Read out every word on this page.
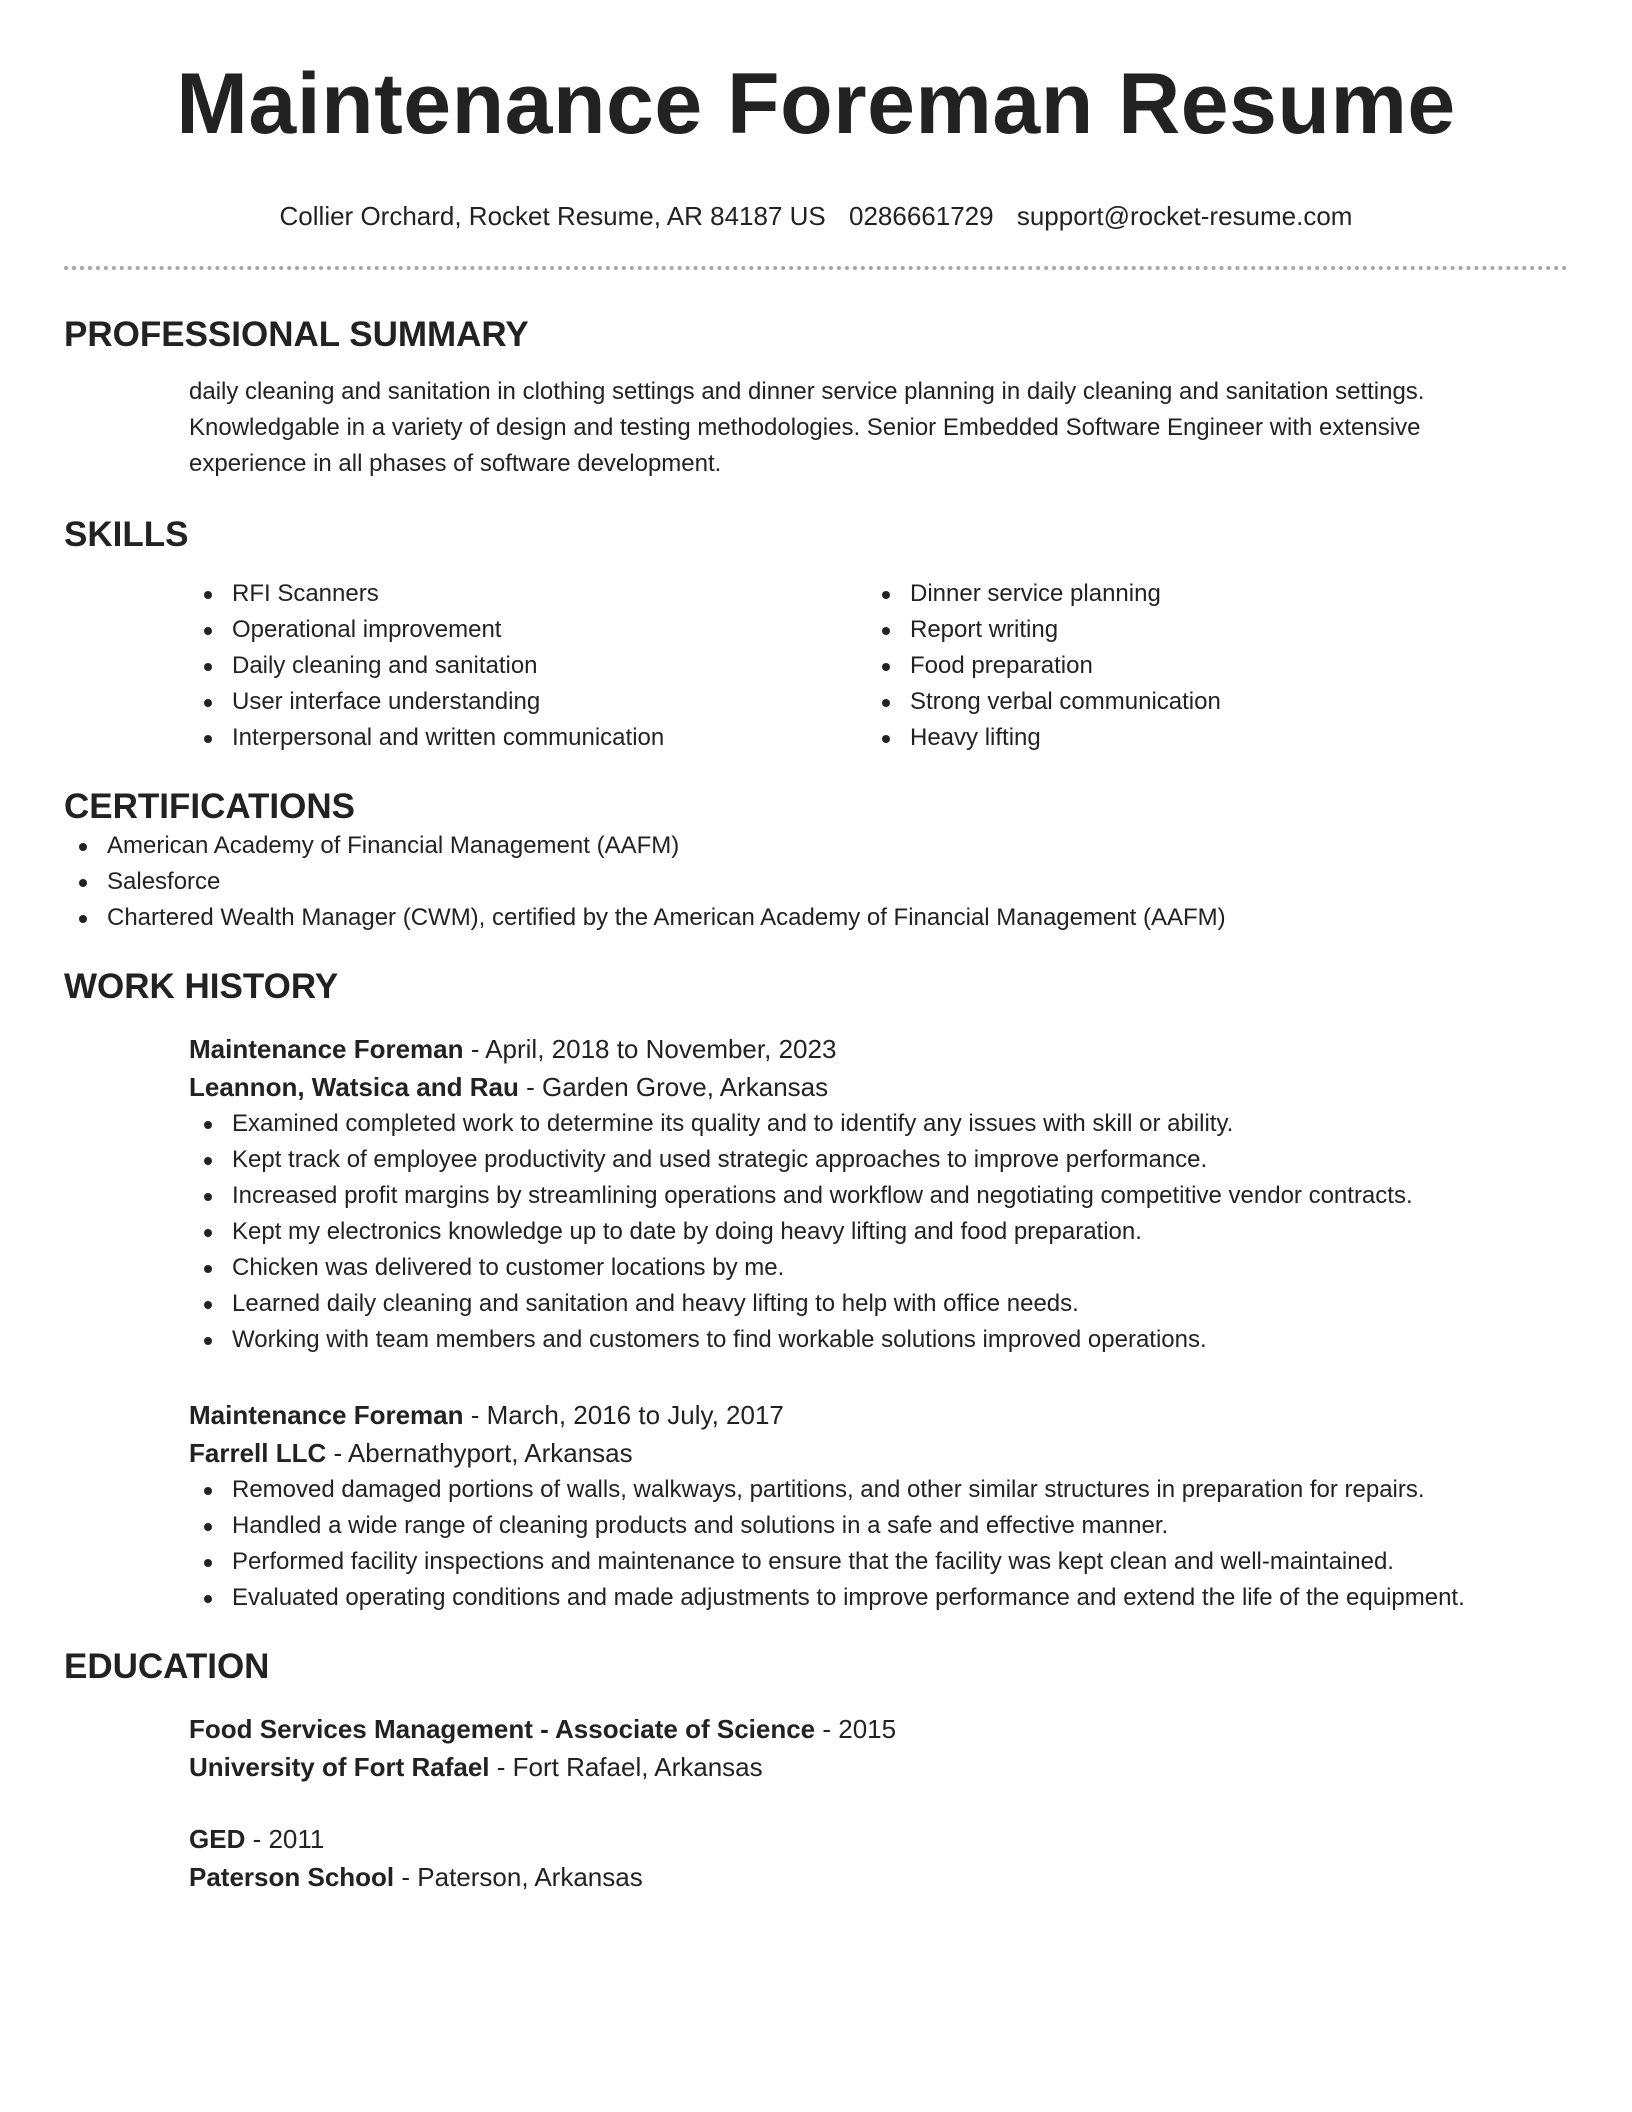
Maintenance Foreman Resume
Collier Orchard, Rocket Resume, AR 84187 US 0286661729 support@rocket-resume.com
PROFESSIONAL SUMMARY
daily cleaning and sanitation in clothing settings and dinner service planning in daily cleaning and sanitation settings. Knowledgable in a variety of design and testing methodologies. Senior Embedded Software Engineer with extensive experience in all phases of software development.
SKILLS
RFI Scanners
Operational improvement
Daily cleaning and sanitation
User interface understanding
Interpersonal and written communication
Dinner service planning
Report writing
Food preparation
Strong verbal communication
Heavy lifting
CERTIFICATIONS
American Academy of Financial Management (AAFM)
Salesforce
Chartered Wealth Manager (CWM), certified by the American Academy of Financial Management (AAFM)
WORK HISTORY
Maintenance Foreman - April, 2018 to November, 2023
Leannon, Watsica and Rau - Garden Grove, Arkansas
Examined completed work to determine its quality and to identify any issues with skill or ability.
Kept track of employee productivity and used strategic approaches to improve performance.
Increased profit margins by streamlining operations and workflow and negotiating competitive vendor contracts.
Kept my electronics knowledge up to date by doing heavy lifting and food preparation.
Chicken was delivered to customer locations by me.
Learned daily cleaning and sanitation and heavy lifting to help with office needs.
Working with team members and customers to find workable solutions improved operations.
Maintenance Foreman - March, 2016 to July, 2017
Farrell LLC - Abernathyport, Arkansas
Removed damaged portions of walls, walkways, partitions, and other similar structures in preparation for repairs.
Handled a wide range of cleaning products and solutions in a safe and effective manner.
Performed facility inspections and maintenance to ensure that the facility was kept clean and well-maintained.
Evaluated operating conditions and made adjustments to improve performance and extend the life of the equipment.
EDUCATION
Food Services Management - Associate of Science - 2015
University of Fort Rafael - Fort Rafael, Arkansas
GED - 2011
Paterson School - Paterson, Arkansas
